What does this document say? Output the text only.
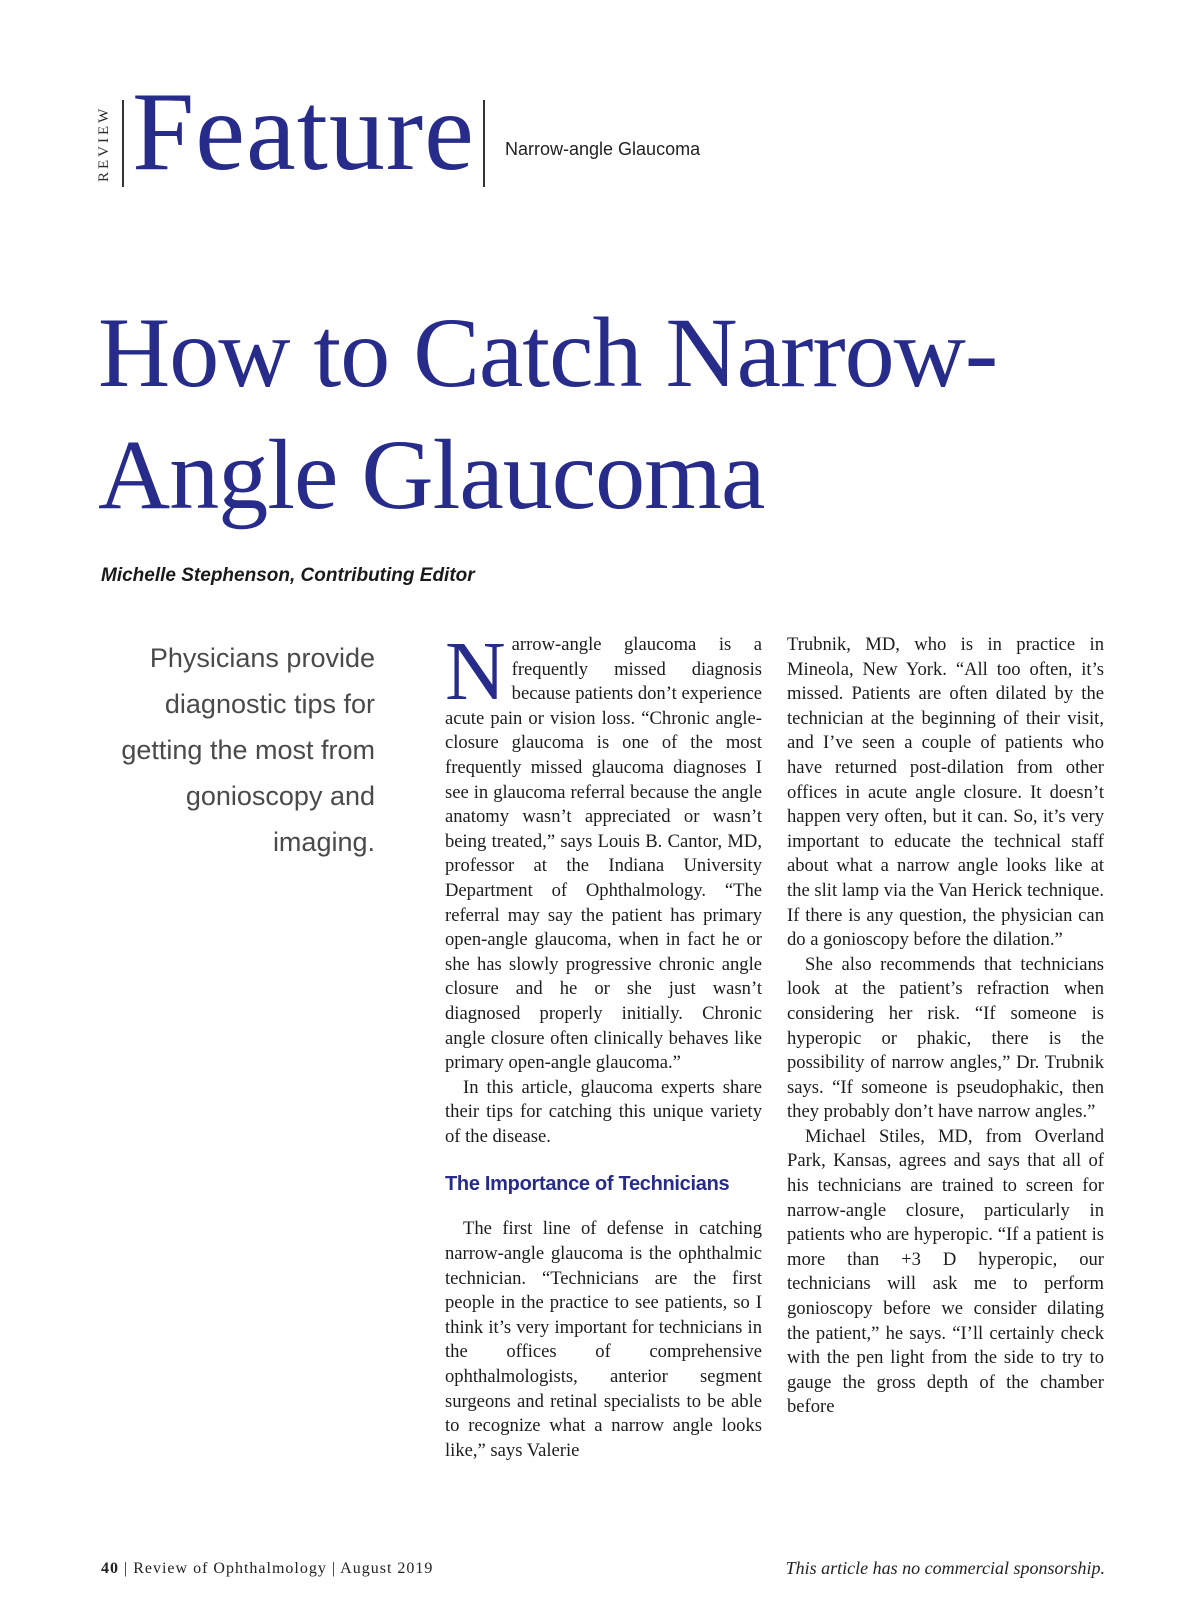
REVIEW Feature Narrow-angle Glaucoma
How to Catch Narrow-Angle Glaucoma
Michelle Stephenson, Contributing Editor
Physicians provide diagnostic tips for getting the most from gonioscopy and imaging.

Narrow-angle glaucoma is a frequently missed diagnosis because patients don’t experience acute pain or vision loss. “Chronic angle-closure glaucoma is one of the most frequently missed glaucoma diagnoses I see in glaucoma referral because the angle anatomy wasn’t appreciated or wasn’t being treated,” says Louis B. Cantor, MD, professor at the Indiana University Department of Ophthalmology. “The referral may say the patient has primary open-angle glaucoma, when in fact he or she has slowly progressive chronic angle closure and he or she just wasn’t diagnosed properly initially. Chronic angle closure often clinically behaves like primary open-angle glaucoma.”

In this article, glaucoma experts share their tips for catching this unique variety of the disease.

The Importance of Technicians

The first line of defense in catching narrow-angle glaucoma is the ophthalmic technician. “Technicians are the first people in the practice to see patients, so I think it’s very important for technicians in the offices of comprehensive ophthalmologists, anterior segment surgeons and retinal specialists to be able to recognize what a narrow angle looks like,” says Valerie

Trubnik, MD, who is in practice in Mineola, New York. “All too often, it’s missed. Patients are often dilated by the technician at the beginning of their visit, and I’ve seen a couple of patients who have returned post-dilation from other offices in acute angle closure. It doesn’t happen very often, but it can. So, it’s very important to educate the technical staff about what a narrow angle looks like at the slit lamp via the Van Herick technique. If there is any question, the physician can do a gonioscopy before the dilation.”

She also recommends that technicians look at the patient’s refraction when considering her risk. “If someone is hyperopic or phakic, there is the possibility of narrow angles,” Dr. Trubnik says. “If someone is pseudophakic, then they probably don’t have narrow angles.”

Michael Stiles, MD, from Overland Park, Kansas, agrees and says that all of his technicians are trained to screen for narrow-angle closure, particularly in patients who are hyperopic. “If a patient is more than +3 D hyperopic, our technicians will ask me to perform gonioscopy before we consider dilating the patient,” he says. “I’ll certainly check with the pen light from the side to try to gauge the gross depth of the chamber before

40 | Review of Ophthalmology | August 2019	This article has no commercial sponsorship.
